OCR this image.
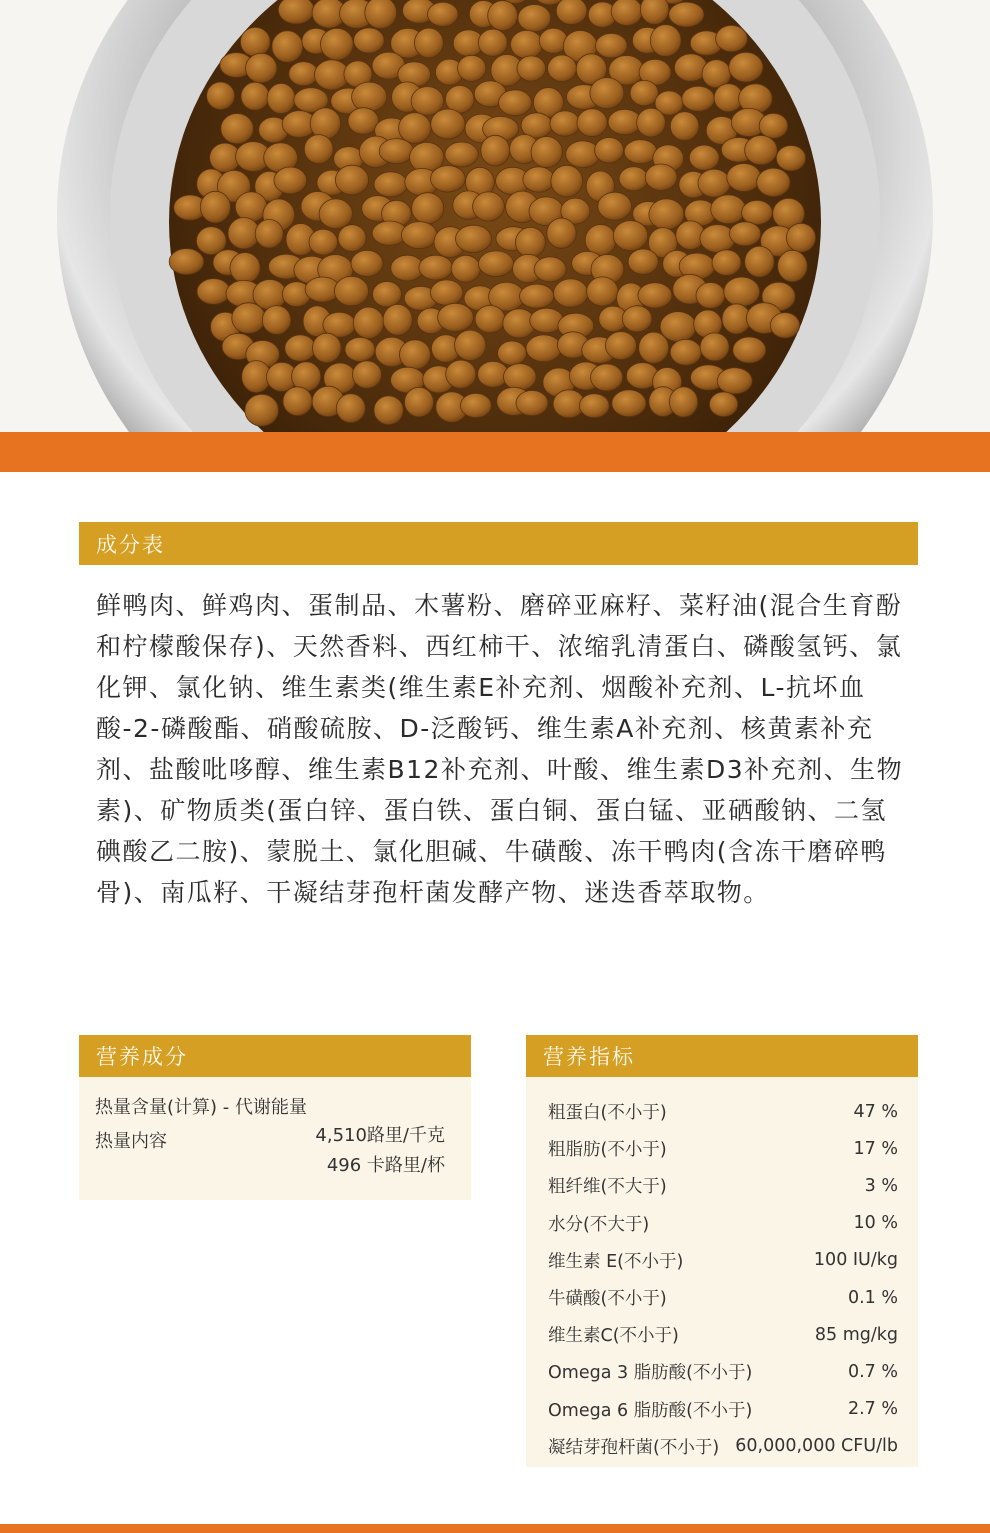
成分表
鲜鸭肉、鲜鸡肉、蛋制品、木薯粉、磨碎亚麻籽、菜籽油(混合生育酚和柠檬酸保存)、天然香料、西红柿干、浓缩乳清蛋白、磷酸氢钙、氯化钾、氯化钠、维生素类(维生素E补充剂、烟酸补充剂、L-抗坏血酸-2-磷酸酯、硝酸硫胺、D-泛酸钙、维生素A补充剂、核黄素补充剂、盐酸吡哆醇、维生素B12补充剂、叶酸、维生素D3补充剂、生物素)、矿物质类(蛋白锌、蛋白铁、蛋白铜、蛋白锰、亚硒酸钠、二氢碘酸乙二胺)、蒙脱土、氯化胆碱、牛磺酸、冻干鸭肉(含冻干磨碎鸭骨)、南瓜籽、干凝结芽孢杆菌发酵产物、迷迭香萃取物。
营养成分
热量含量(计算) - 代谢能量
热量内容	4,510路里/千克
496 卡路里/杯
营养指标
粗蛋白(不小于)	47 %
粗脂肪(不小于)	17 %
粗纤维(不大于)	3 %
水分(不大于)	10 %
维生素 E(不小于)	100 IU/kg
牛磺酸(不小于)	0.1 %
维生素C(不小于)	85 mg/kg
Omega 3 脂肪酸(不小于)	0.7 %
Omega 6 脂肪酸(不小于)	2.7 %
凝结芽孢杆菌(不小于) 60,000,000 CFU/lb
